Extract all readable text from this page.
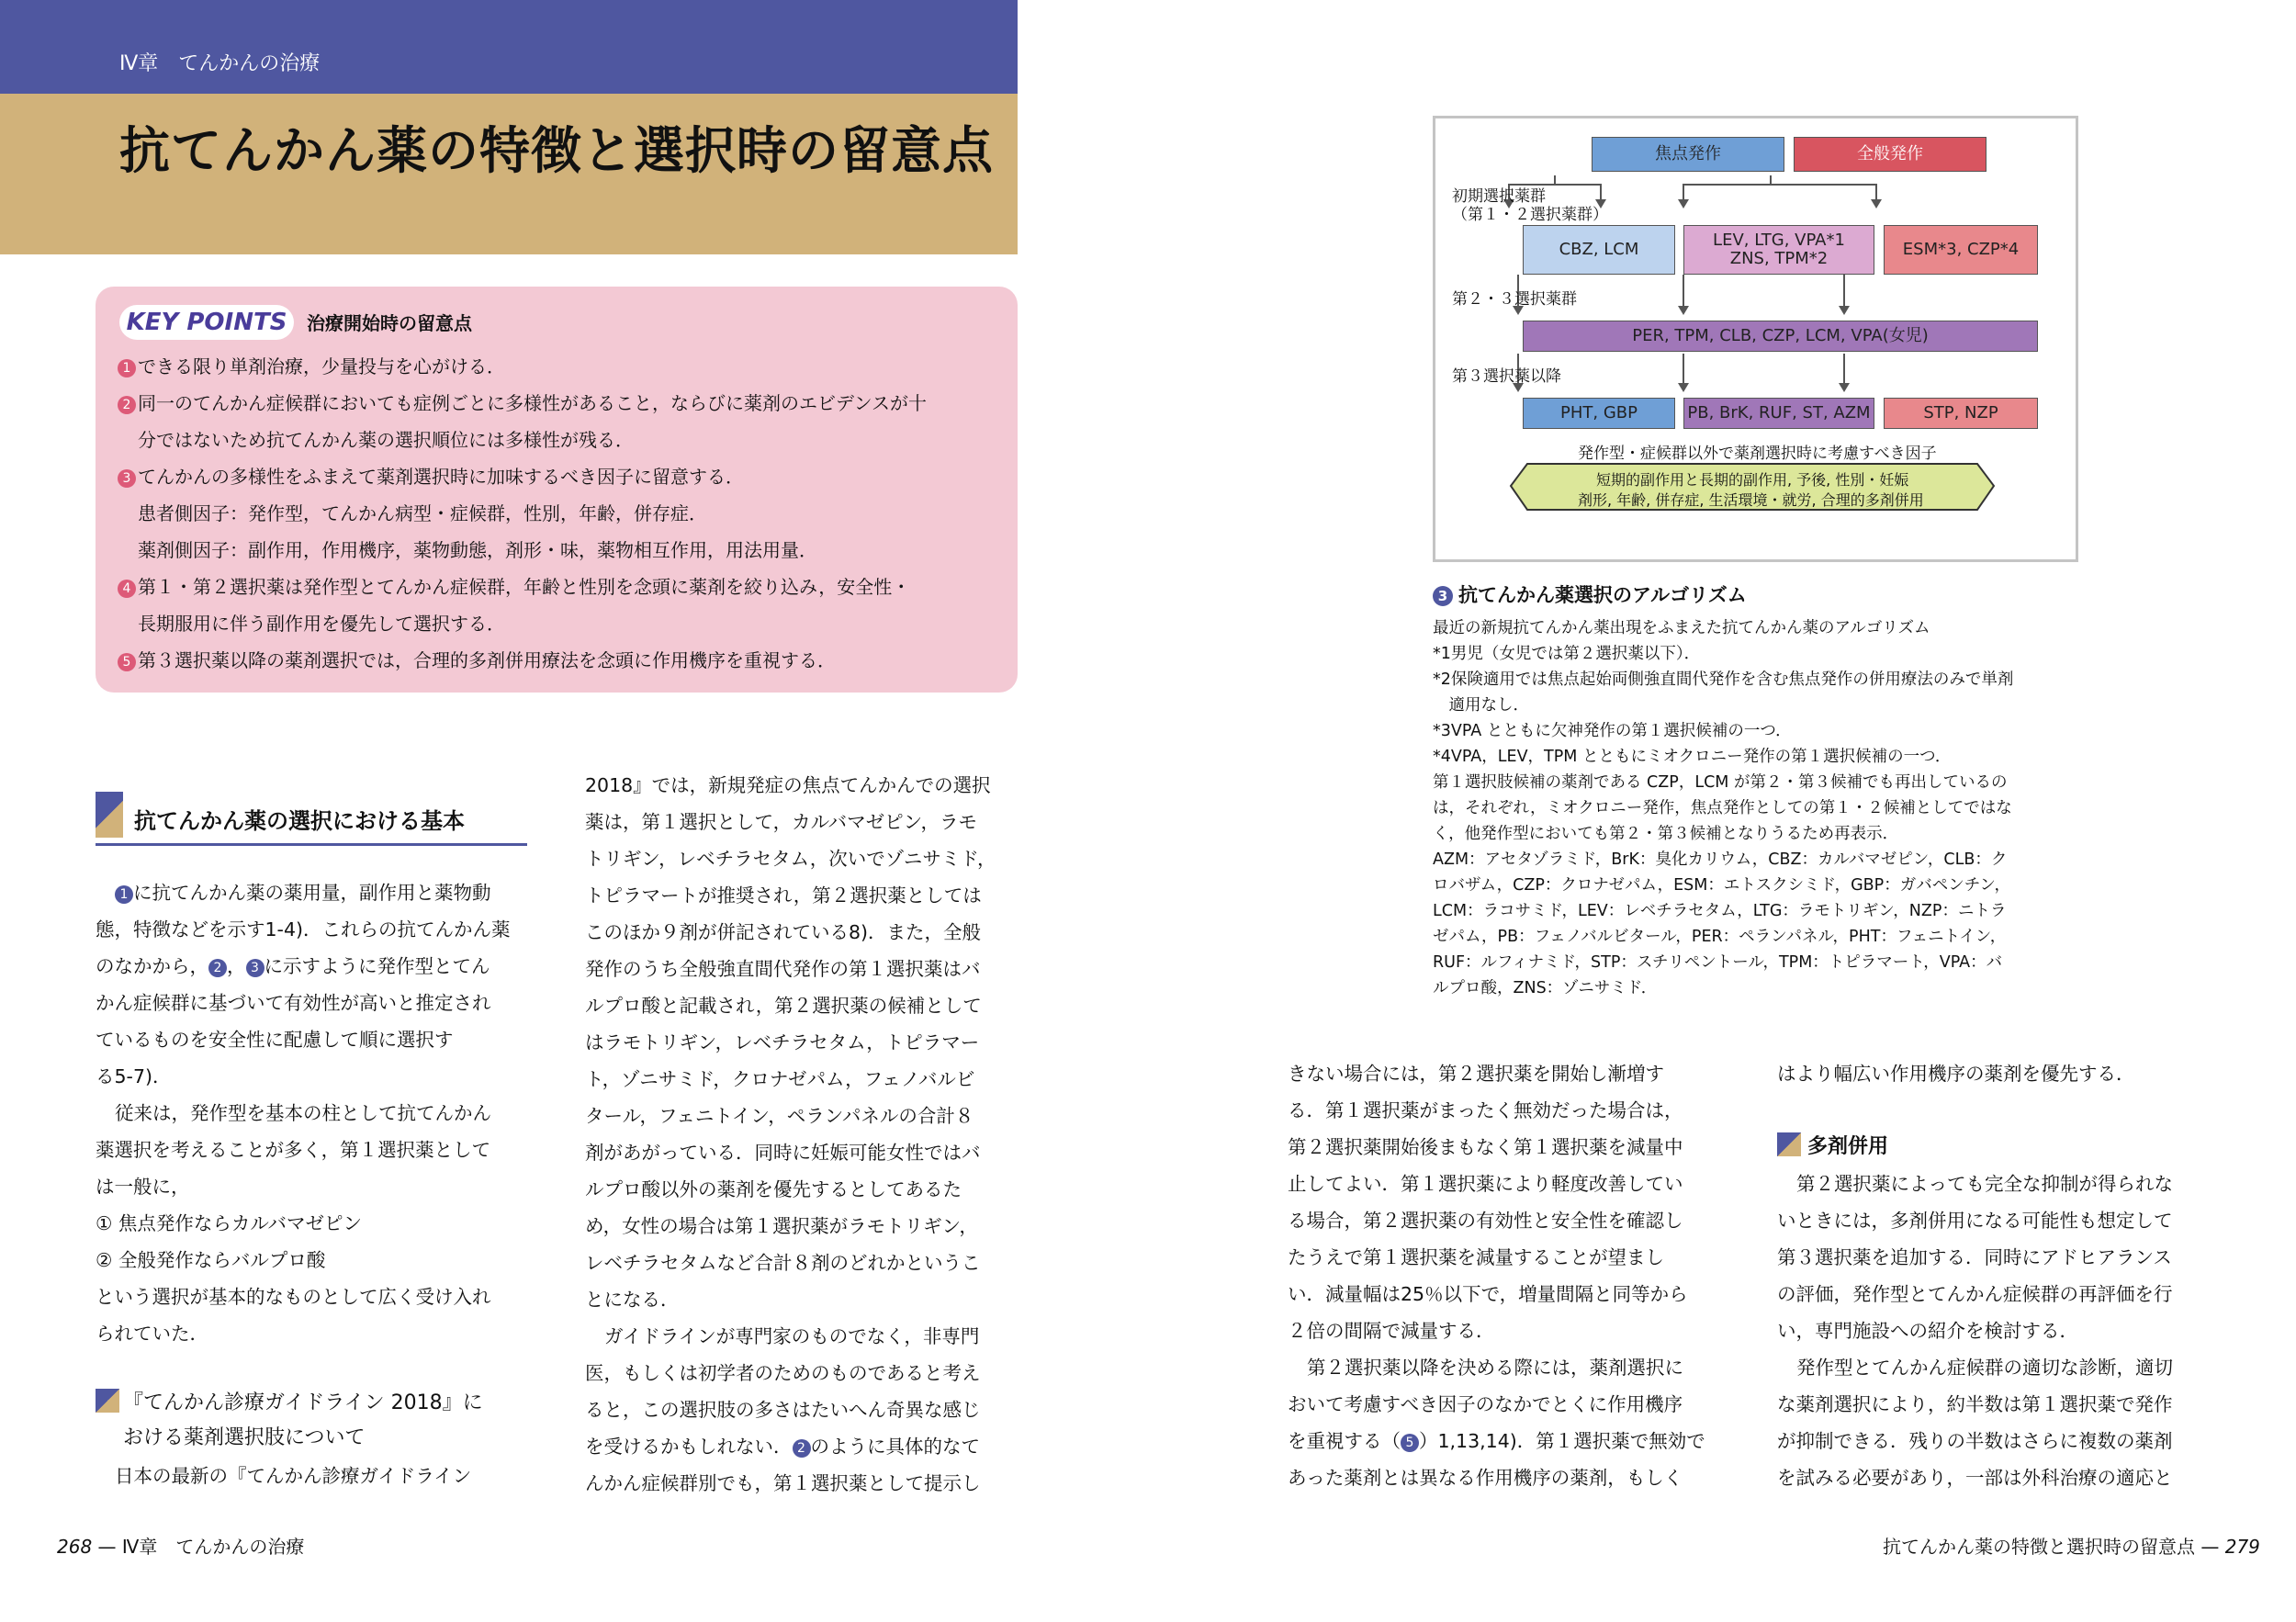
Ⅳ章　てんかんの治療
抗てんかん薬の特徴と選択時の留意点
KEY POINTS	治療開始時の留意点
1 できる限り単剤治療，少量投与を心がける．
2 同一のてんかん症候群においても症例ごとに多様性があること，ならびに薬剤のエビデンスが十
分ではないため抗てんかん薬の選択順位には多様性が残る．
3 てんかんの多様性をふまえて薬剤選択時に加味するべき因子に留意する．
患者側因子：発作型，てんかん病型・症候群，性別，年齢，併存症．
薬剤側因子：副作用，作用機序，薬物動態，剤形・味，薬物相互作用，用法用量．
4 第１・第２選択薬は発作型とてんかん症候群，年齢と性別を念頭に薬剤を絞り込み，安全性・
長期服用に伴う副作用を優先して選択する．
5 第３選択薬以降の薬剤選択では，合理的多剤併用療法を念頭に作用機序を重視する．
抗てんかん薬の選択における基本
1 に抗てんかん薬の薬用量，副作用と薬物動
態，特徴などを示す1-4)．これらの抗てんかん薬
のなかから， 2 ， 3 に示すように発作型とてん
かん症候群に基づいて有効性が高いと推定され
ているものを安全性に配慮して順に選択す
る5-7)．
従来は，発作型を基本の柱として抗てんかん
薬選択を考えることが多く，第１選択薬として
は一般に，
① 焦点発作ならカルバマゼピン
② 全般発作ならバルプロ酸
という選択が基本的なものとして広く受け入れ
られていた．
『てんかん診療ガイドライン 2018』に
おける薬剤選択肢について
日本の最新の『てんかん診療ガイドライン
2018』では，新規発症の焦点てんかんでの選択
薬は，第１選択として，カルバマゼピン，ラモ
トリギン，レベチラセタム，次いでゾニサミド，
トピラマートが推奨され，第２選択薬としては
このほか９剤が併記されている8)．また，全般
発作のうち全般強直間代発作の第１選択薬はバ
ルプロ酸と記載され，第２選択薬の候補として
はラモトリギン，レベチラセタム，トピラマー
ト，ゾニサミド，クロナゼパム，フェノバルビ
タール，フェニトイン，ペランパネルの合計８
剤があがっている．同時に妊娠可能女性ではバ
ルプロ酸以外の薬剤を優先するとしてあるた
め，女性の場合は第１選択薬がラモトリギン，
レベチラセタムなど合計８剤のどれかというこ
とになる．
ガイドラインが専門家のものでなく，非専門
医，もしくは初学者のためのものであると考え
ると，この選択肢の多さはたいへん奇異な感じ
を受けるかもしれない． 2 のように具体的なて
んかん症候群別でも，第１選択薬として提示し
268 — Ⅳ章　てんかんの治療
焦点発作	全般発作
初期選択薬群
（第１・２選択薬群）
CBZ, LCM	LEV, LTG, VPA*1
ZNS, TPM*2	ESM*3, CZP*4
第２・３選択薬群
PER, TPM, CLB, CZP, LCM, VPA(女児)
第３選択薬以降
PHT, GBP	PB, BrK, RUF, ST, AZM	STP, NZP
発作型・症候群以外で薬剤選択時に考慮すべき因子
短期的副作用と長期的副作用, 予後, 性別・妊娠
剤形, 年齢, 併存症, 生活環境・就労, 合理的多剤併用
3 抗てんかん薬選択のアルゴリズム
最近の新規抗てんかん薬出現をふまえた抗てんかん薬のアルゴリズム
*1男児（女児では第２選択薬以下）．
*2保険適用では焦点起始両側強直間代発作を含む焦点発作の併用療法のみで単剤
　適用なし．
*3VPA とともに欠神発作の第１選択候補の一つ．
*4VPA，LEV，TPM とともにミオクロニー発作の第１選択候補の一つ．
第１選択肢候補の薬剤である CZP，LCM が第２・第３候補でも再出しているの
は，それぞれ，ミオクロニー発作，焦点発作としての第１・２候補としてではな
く，他発作型においても第２・第３候補となりうるため再表示．
AZM：アセタゾラミド，BrK：臭化カリウム，CBZ：カルバマゼピン，CLB：ク
ロバザム，CZP：クロナゼパム，ESM：エトスクシミド，GBP：ガバペンチン，
LCM：ラコサミド，LEV：レベチラセタム，LTG：ラモトリギン，NZP：ニトラ
ゼパム，PB：フェノバルビタール，PER：ペランパネル，PHT：フェニトイン，
RUF：ルフィナミド，STP：スチリペントール，TPM：トピラマート，VPA：バ
ルプロ酸，ZNS：ゾニサミド．
きない場合には，第２選択薬を開始し漸増す
る．第１選択薬がまったく無効だった場合は，
第２選択薬開始後まもなく第１選択薬を減量中
止してよい．第１選択薬により軽度改善してい
る場合，第２選択薬の有効性と安全性を確認し
たうえで第１選択薬を減量することが望まし
い．減量幅は25％以下で，増量間隔と同等から
２倍の間隔で減量する．
第２選択薬以降を決める際には，薬剤選択に
おいて考慮すべき因子のなかでとくに作用機序
を重視する（ 5 ）1,13,14)．第１選択薬で無効で
あった薬剤とは異なる作用機序の薬剤，もしく
はより幅広い作用機序の薬剤を優先する．
多剤併用
第２選択薬によっても完全な抑制が得られな
いときには，多剤併用になる可能性も想定して
第３選択薬を追加する．同時にアドヒアランス
の評価，発作型とてんかん症候群の再評価を行
い，専門施設への紹介を検討する．
発作型とてんかん症候群の適切な診断，適切
な薬剤選択により，約半数は第１選択薬で発作
が抑制できる．残りの半数はさらに複数の薬剤
を試みる必要があり，一部は外科治療の適応と
抗てんかん薬の特徴と選択時の留意点 — 279
